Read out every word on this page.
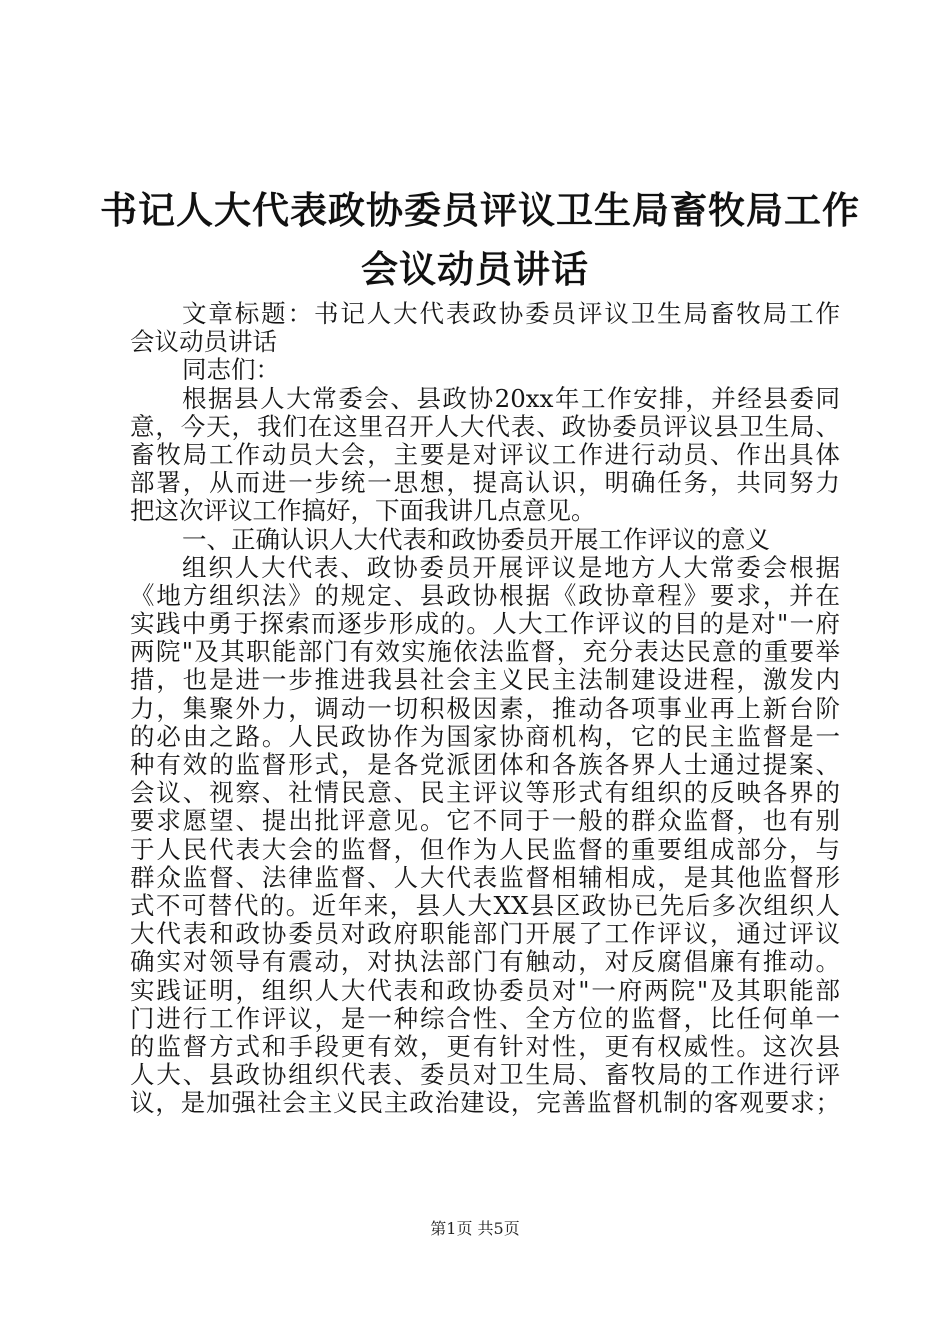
书记人大代表政协委员评议卫生局畜牧局工作
会议动员讲话
文章标题：书记人大代表政协委员评议卫生局畜牧局工作
会议动员讲话
同志们：
根据县人大常委会、县政协20xx年工作安排，并经县委同
意，今天，我们在这里召开人大代表、政协委员评议县卫生局、
畜牧局工作动员大会，主要是对评议工作进行动员、作出具体
部署，从而进一步统一思想，提高认识，明确任务，共同努力
把这次评议工作搞好，下面我讲几点意见。
一、正确认识人大代表和政协委员开展工作评议的意义
组织人大代表、政协委员开展评议是地方人大常委会根据
《地方组织法》的规定、县政协根据《政协章程》要求，并在
实践中勇于探索而逐步形成的。人大工作评议的目的是对"一府
两院"及其职能部门有效实施依法监督，充分表达民意的重要举
措，也是进一步推进我县社会主义民主法制建设进程，激发内
力，集聚外力，调动一切积极因素，推动各项事业再上新台阶
的必由之路。人民政协作为国家协商机构，它的民主监督是一
种有效的监督形式，是各党派团体和各族各界人士通过提案、
会议、视察、社情民意、民主评议等形式有组织的反映各界的
要求愿望、提出批评意见。它不同于一般的群众监督，也有别
于人民代表大会的监督，但作为人民监督的重要组成部分，与
群众监督、法律监督、人大代表监督相辅相成，是其他监督形
式不可替代的。近年来，县人大XX县区政协已先后多次组织人
大代表和政协委员对政府职能部门开展了工作评议，通过评议
确实对领导有震动，对执法部门有触动，对反腐倡廉有推动。
实践证明，组织人大代表和政协委员对"一府两院"及其职能部
门进行工作评议，是一种综合性、全方位的监督，比任何单一
的监督方式和手段更有效，更有针对性，更有权威性。这次县
人大、县政协组织代表、委员对卫生局、畜牧局的工作进行评
议，是加强社会主义民主政治建设，完善监督机制的客观要求；
第1页 共5页
